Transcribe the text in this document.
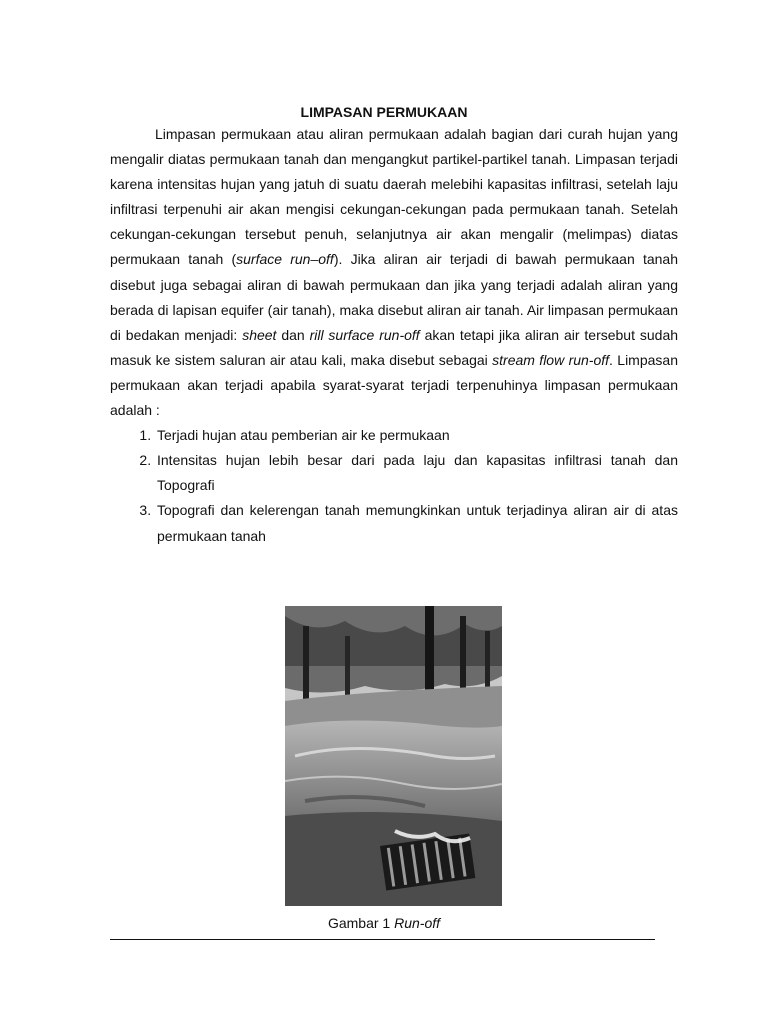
LIMPASAN PERMUKAAN

Limpasan permukaan atau aliran permukaan adalah bagian dari curah hujan yang mengalir diatas permukaan tanah dan mengangkut partikel-partikel tanah. Limpasan terjadi karena intensitas hujan yang jatuh di suatu daerah melebihi kapasitas infiltrasi, setelah laju infiltrasi terpenuhi air akan mengisi cekungan-cekungan pada permukaan tanah. Setelah cekungan-cekungan tersebut penuh, selanjutnya air akan mengalir (melimpas) diatas permukaan tanah (surface run–off). Jika aliran air terjadi di bawah permukaan tanah disebut juga sebagai aliran di bawah permukaan dan jika yang terjadi adalah aliran yang berada di lapisan equifer (air tanah), maka disebut aliran air tanah. Air limpasan permukaan di bedakan menjadi: sheet dan rill surface run-off akan tetapi jika aliran air tersebut sudah masuk ke sistem saluran air atau kali, maka disebut sebagai stream flow run-off. Limpasan permukaan akan terjadi apabila syarat-syarat terjadi terpenuhinya limpasan permukaan adalah :

1. Terjadi hujan atau pemberian air ke permukaan
2. Intensitas hujan lebih besar dari pada laju dan kapasitas infiltrasi tanah dan Topografi
3. Topografi dan kelerengan tanah memungkinkan untuk terjadinya aliran air di atas permukaan tanah
Gambar 1 Run-off
